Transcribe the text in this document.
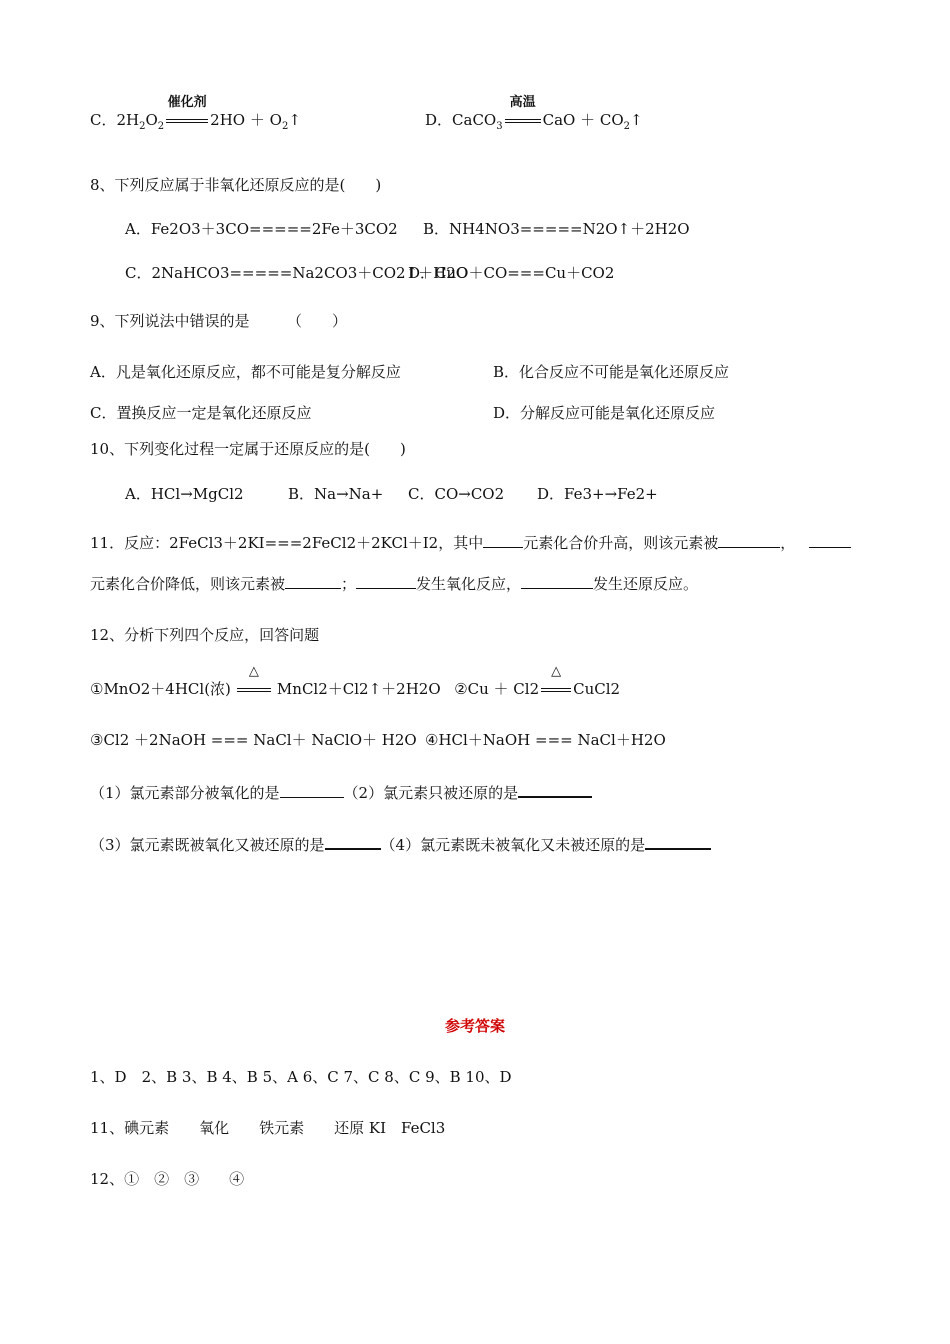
C．$2H_2O_2$
催化剂
$2HO + O_2↑$	D．CaCO$_3$
高温
CaO ＋ $CO_2↑$
8、下列反应属于非氧化还原反应的是(　　)
A．Fe2O3＋3CO=====2Fe＋3CO2 B．NH4NO3=====N2O↑＋2H2O
C．2NaHCO3=====Na2CO3＋CO2↑＋H2O
D．CuO＋CO===Cu＋CO2
9、下列说法中错误的是　　　（　　）
A．凡是氧化还原反应，都不可能是复分解反应	B．化合反应不可能是氧化还原反应
C．置换反应一定是氧化还原反应	D．分解反应可能是氧化还原反应
10、下列变化过程一定属于还原反应的是(　　)
A．HCl→MgCl2	B．Na→Na+ C．CO→CO2 D．Fe3+→Fe2+
11．反应：2FeCl3＋2KI===2FeCl2＋2KCl＋I2，其中	元素化合价升高，则该元素被	，
元素化合价降低，则该元素被	；	发生氧化反应，	发生还原反应。
12、分析下列四个反应，回答问题
①MnO2＋4HCl(浓)
△
MnCl2＋Cl2↑＋2H2O ②Cu ＋ Cl2
△
CuCl2
③Cl2 ＋2NaOH === NaCl＋ NaClO＋ H2O ④HCl＋NaOH === NaCl＋H2O
（1）氯元素部分被氧化的是	（2）氯元素只被还原的是
（3）氯元素既被氧化又被还原的是	（4）氯元素既未被氧化又未被还原的是
参考答案
1、D　2、B 3、B 4、B 5、A 6、C 7、C 8、C 9、B 10、D
11、碘元素　　氧化　　铁元素　　还原 KI　FeCl3
12、①　②　③　　④
